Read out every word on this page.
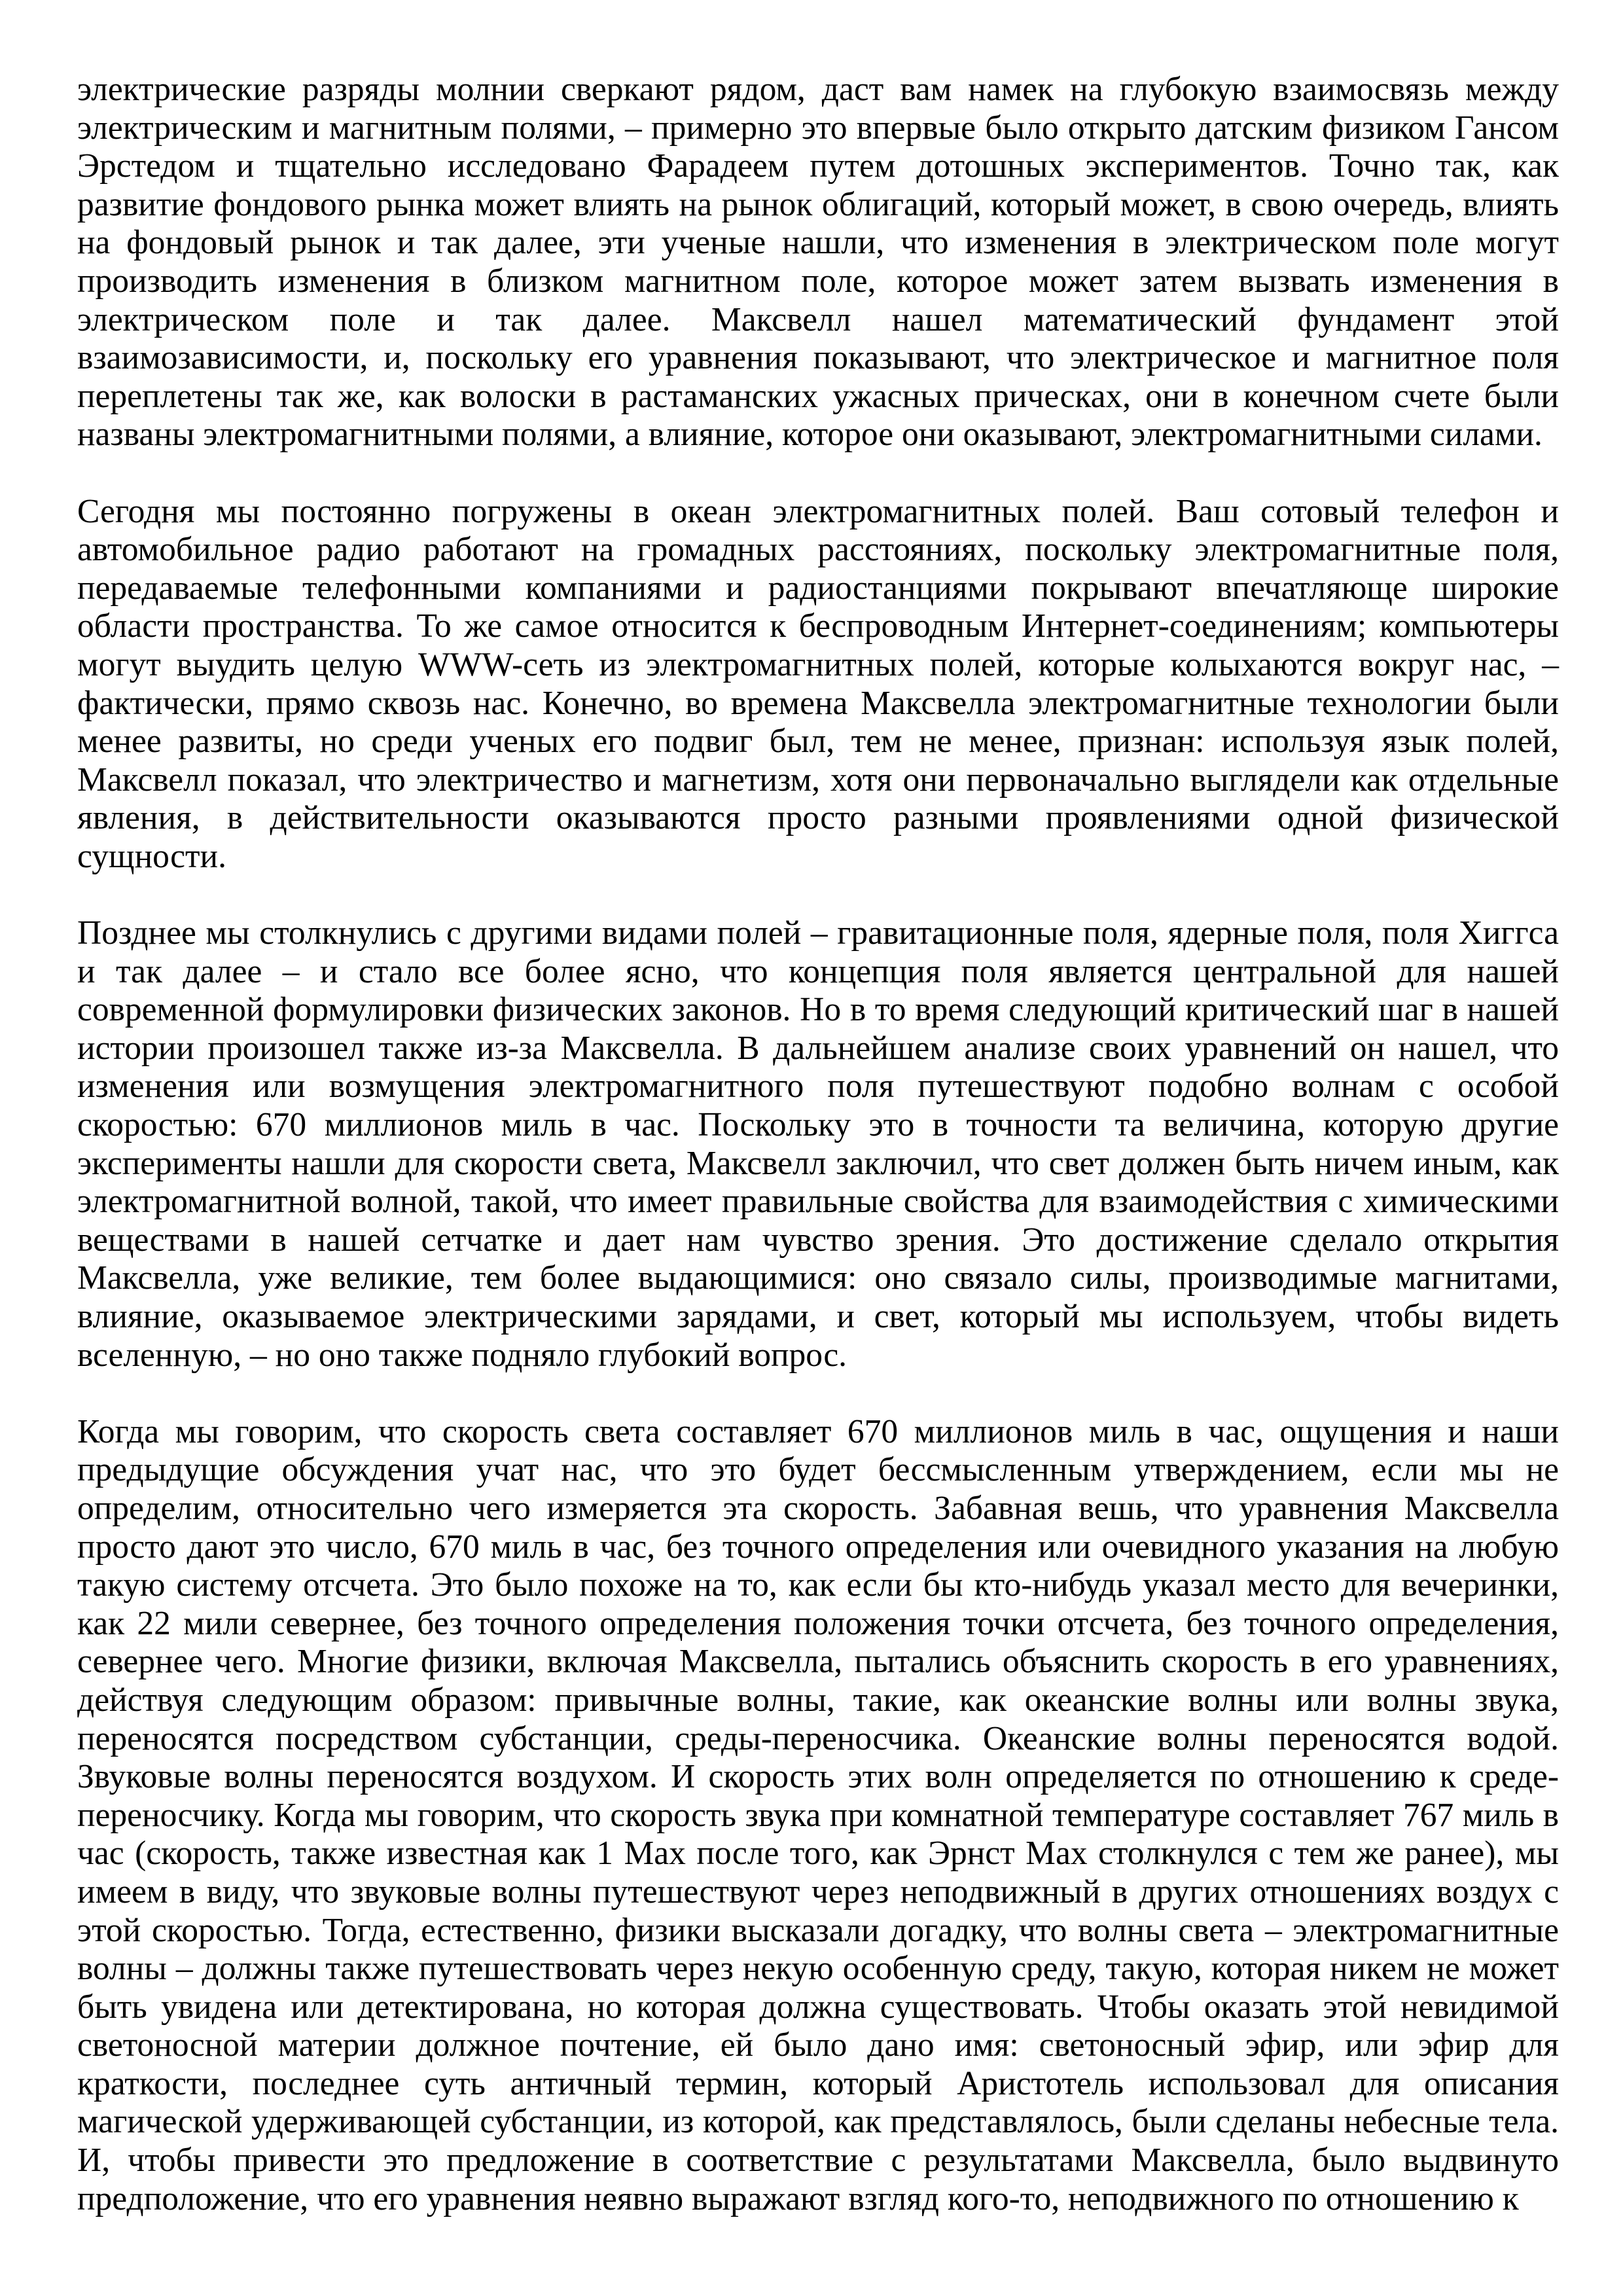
электрические разряды молнии сверкают рядом, даст вам намек на глубокую взаимосвязь между электрическим и магнитным полями, – примерно это впервые было открыто датским физиком Гансом Эрстедом и тщательно исследовано Фарадеем путем дотошных экспериментов. Точно так, как развитие фондового рынка может влиять на рынок облигаций, который может, в свою очередь, влиять на фондовый рынок и так далее, эти ученые нашли, что изменения в электрическом поле могут производить изменения в близком магнитном поле, которое может затем вызвать изменения в электрическом поле и так далее. Максвелл нашел математический фундамент этой взаимозависимости, и, поскольку его уравнения показывают, что электрическое и магнитное поля переплетены так же, как волоски в растаманских ужасных прическах, они в конечном счете были названы электромагнитными полями, а влияние, которое они оказывают, электромагнитными силами.

Сегодня мы постоянно погружены в океан электромагнитных полей. Ваш сотовый телефон и автомобильное радио работают на громадных расстояниях, поскольку электромагнитные поля, передаваемые телефонными компаниями и радиостанциями покрывают впечатляюще широкие области пространства. То же самое относится к беспроводным Интернет-соединениям; компьютеры могут выудить целую WWW-сеть из электромагнитных полей, которые колыхаются вокруг нас, – фактически, прямо сквозь нас. Конечно, во времена Максвелла электромагнитные технологии были менее развиты, но среди ученых его подвиг был, тем не менее, признан: используя язык полей, Максвелл показал, что электричество и магнетизм, хотя они первоначально выглядели как отдельные явления, в действительности оказываются просто разными проявлениями одной физической сущности.

Позднее мы столкнулись с другими видами полей – гравитационные поля, ядерные поля, поля Хиггса и так далее – и стало все более ясно, что концепция поля является центральной для нашей современной формулировки физических законов. Но в то время следующий критический шаг в нашей истории произошел также из-за Максвелла. В дальнейшем анализе своих уравнений он нашел, что изменения или возмущения электромагнитного поля путешествуют подобно волнам с особой скоростью: 670 миллионов миль в час. Поскольку это в точности та величина, которую другие эксперименты нашли для скорости света, Максвелл заключил, что свет должен быть ничем иным, как электромагнитной волной, такой, что имеет правильные свойства для взаимодействия с химическими веществами в нашей сетчатке и дает нам чувство зрения. Это достижение сделало открытия Максвелла, уже великие, тем более выдающимися: оно связало силы, производимые магнитами, влияние, оказываемое электрическими зарядами, и свет, который мы используем, чтобы видеть вселенную, – но оно также подняло глубокий вопрос.

Когда мы говорим, что скорость света составляет 670 миллионов миль в час, ощущения и наши предыдущие обсуждения учат нас, что это будет бессмысленным утверждением, если мы не определим, относительно чего измеряется эта скорость. Забавная вешь, что уравнения Максвелла просто дают это число, 670 миль в час, без точного определения или очевидного указания на любую такую систему отсчета. Это было похоже на то, как если бы кто-нибудь указал место для вечеринки, как 22 мили севернее, без точного определения положения точки отсчета, без точного определения, севернее чего. Многие физики, включая Максвелла, пытались объяснить скорость в его уравнениях, действуя следующим образом: привычные волны, такие, как океанские волны или волны звука, переносятся посредством субстанции, среды-переносчика. Океанские волны переносятся водой. Звуковые волны переносятся воздухом. И скорость этих волн определяется по отношению к среде-переносчику. Когда мы говорим, что скорость звука при комнатной температуре составляет 767 миль в час (скорость, также известная как 1 Мах после того, как Эрнст Мах столкнулся с тем же ранее), мы имеем в виду, что звуковые волны путешествуют через неподвижный в других отношениях воздух с этой скоростью. Тогда, естественно, физики высказали догадку, что волны света – электромагнитные волны – должны также путешествовать через некую особенную среду, такую, которая никем не может быть увидена или детектирована, но которая должна существовать. Чтобы оказать этой невидимой светоносной материи должное почтение, ей было дано имя: светоносный эфир, или эфир для краткости, последнее суть античный термин, который Аристотель использовал для описания магической удерживающей субстанции, из которой, как представлялось, были сделаны небесные тела. И, чтобы привести это предложение в соответствие с результатами Максвелла, было выдвинуто предположение, что его уравнения неявно выражают взгляд кого-то, неподвижного по отношению к
